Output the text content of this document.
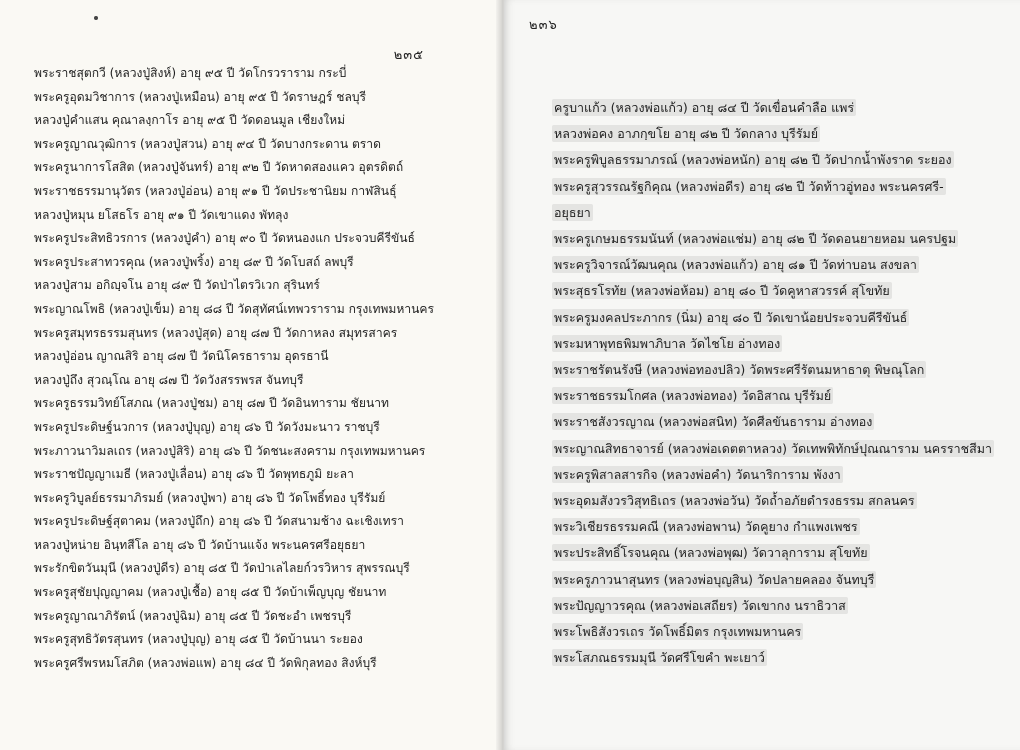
๒๓๕
พระราชสุตกวี (หลวงปู่สิงห์) อายุ ๙๕ ปี วัดโกรวราราม กระบี่
พระครูอุดมวิชาการ (หลวงปู่เหมือน) อายุ ๙๕ ปี วัดราษฎร์ ชลบุรี
หลวงปู่คำแสน คุณาลงฺกาโร อายุ ๙๕ ปี วัดดอนมูล เชียงใหม่
พระครูญาณวุฒิการ (หลวงปู่สวน) อายุ ๙๔ ปี วัดบางกระดาน ตราด
พระครูนาการโสสิต (หลวงปู่จันทร์) อายุ ๙๒ ปี วัดหาดสองแคว อุตรดิตถ์
พระราชธรรมานุวัตร (หลวงปู่อ่อน) อายุ ๙๑ ปี วัดประชานิยม กาฬสินธุ์
หลวงปู่หมุน ยโสธโร อายุ ๙๑ ปี วัดเขาแดง พัทลุง
พระครูประสิทธิวรการ (หลวงปู่คำ) อายุ ๙๐ ปี วัดหนองแก ประจวบคีรีขันธ์
พระครูประสาทวรคุณ (หลวงปู่พริ้ง) อายุ ๘๙ ปี วัดโบสถ์ ลพบุรี
หลวงปู่สาม อกิญฺจโน อายุ ๘๙ ปี วัดป่าไตรวิเวก สุรินทร์
พระญาณโพธิ (หลวงปู่เข็ม) อายุ ๘๘ ปี วัดสุทัศน์เทพวราราม กรุงเทพมหานคร
พระครูสมุทรธรรมสุนทร (หลวงปู่สุด) อายุ ๘๗ ปี วัดกาหลง สมุทรสาคร
หลวงปู่อ่อน ญาณสิริ อายุ ๘๗ ปี วัดนิโครธาราม อุดรธานี
หลวงปู่ถึง สุวณฺโณ อายุ ๘๗ ปี วัดวังสรรพรส จันทบุรี
พระครูธรรมวิทย์โสภณ (หลวงปู่ชม) อายุ ๘๗ ปี วัดอินทาราม ชัยนาท
พระครูประดิษฐ์นวการ (หลวงปู่บุญ) อายุ ๘๖ ปี วัดวังมะนาว ราชบุรี
พระภาวนาวิมลเถร (หลวงปู่สิริ) อายุ ๘๖ ปี วัดชนะสงคราม กรุงเทพมหานคร
พระราชปัญญาเมธี (หลวงปู่เลื่อน) อายุ ๘๖ ปี วัดพุทธภูมิ ยะลา
พระครูวิบูลย์ธรรมาภิรมย์ (หลวงปู่พา) อายุ ๘๖ ปี วัดโพธิ์ทอง บุรีรัมย์
พระครูประดิษฐ์สุตาคม (หลวงปู่ถึก) อายุ ๘๖ ปี วัดสนามช้าง ฉะเชิงเทรา
หลวงปู่หน่าย อินฺทสีโล อายุ ๘๖ ปี วัดบ้านแจ้ง พระนครศรีอยุธยา
พระรักขิตวันมุนี (หลวงปู่ดีร) อายุ ๘๕ ปี วัดป่าเลไลยก์วรวิหาร สุพรรณบุรี
พระครูสุชัยปุญญาคม (หลวงปู่เชื้อ) อายุ ๘๕ ปี วัดบ้าเพ็ญบุญ ชัยนาท
พระครูญาณาภิรัตน์ (หลวงปู่ฉิม) อายุ ๘๕ ปี วัดชะอำ เพชรบุรี
พระครูสุทธิวัตรสุนทร (หลวงปู่บุญ) อายุ ๘๕ ปี วัดบ้านนา ระยอง
พระครูศรีพรหมโสภิต (หลวงพ่อแพ) อายุ ๘๔ ปี วัดพิกุลทอง สิงห์บุรี
๒๓๖
ครูบาแก้ว (หลวงพ่อแก้ว) อายุ ๘๔ ปี วัดเขื่อนคำลือ แพร่
หลวงพ่อคง อาภกฺขโย อายุ ๘๒ ปี วัดกลาง บุรีรัมย์
พระครูพิบูลธรรมาภรณ์ (หลวงพ่อหนัก) อายุ ๘๒ ปี วัดปากน้ำพังราด ระยอง
พระครูสุวรรณรัฐกิคุณ (หลวงพ่อดีร) อายุ ๘๒ ปี วัดท้าวอู่ทอง พระนครศรี-
อยุธยา
พระครูเกษมธรรมนันท์ (หลวงพ่อแช่ม) อายุ ๘๒ ปี วัดดอนยายหอม นครปฐม
พระครูวิจารณ์วัฒนคุณ (หลวงพ่อแก้ว) อายุ ๘๑ ปี วัดท่าบอน สงขลา
พระสุธรโรทัย (หลวงพ่อห้อม) อายุ ๘๐ ปี วัดคูหาสวรรค์ สุโขทัย
พระครูมงคลประภากร (นิ่ม) อายุ ๘๐ ปี วัดเขาน้อยประจวบคีรีขันธ์
พระมหาพุทธพิมพาภิบาล วัดไชโย อ่างทอง
พระราชรัตนรังษี (หลวงพ่อทองปลิว) วัดพระศรีรัตนมหาธาตุ พิษณุโลก
พระราชธรรมโกศล (หลวงพ่อทอง) วัดอิสาณ บุรีรัมย์
พระราชสังวรญาณ (หลวงพ่อสนิท) วัดศีลขันธาราม อ่างทอง
พระญาณสิทธาจารย์ (หลวงพ่อเดตตาหลวง) วัดเทพพิทักษ์ปุณณาราม นครราชสีมา
พระครูพิสาลสารกิจ (หลวงพ่อคำ) วัดนาริการาม พังงา
พระอุดมสังวรวิสุทธิเถร (หลวงพ่อวัน) วัดถ้ำอภัยดำรงธรรม สกลนคร
พระวิเชียรธรรมคณี (หลวงพ่อพาน) วัดคูยาง กำแพงเพชร
พระประสิทธิ์โรจนคุณ (หลวงพ่อพุฒ) วัดวาลุการาม สุโขทัย
พระครูภาวนาสุนทร (หลวงพ่อบุญสิน) วัดปลายคลอง จันทบุรี
พระปัญญาวรคุณ (หลวงพ่อเสถียร) วัดเขากง นราธิวาส
พระโพธิสังวรเถร วัดโพธิ์มิตร กรุงเทพมหานคร
พระโสภณธรรมมุนี วัดศรีโขคำ พะเยาว์
